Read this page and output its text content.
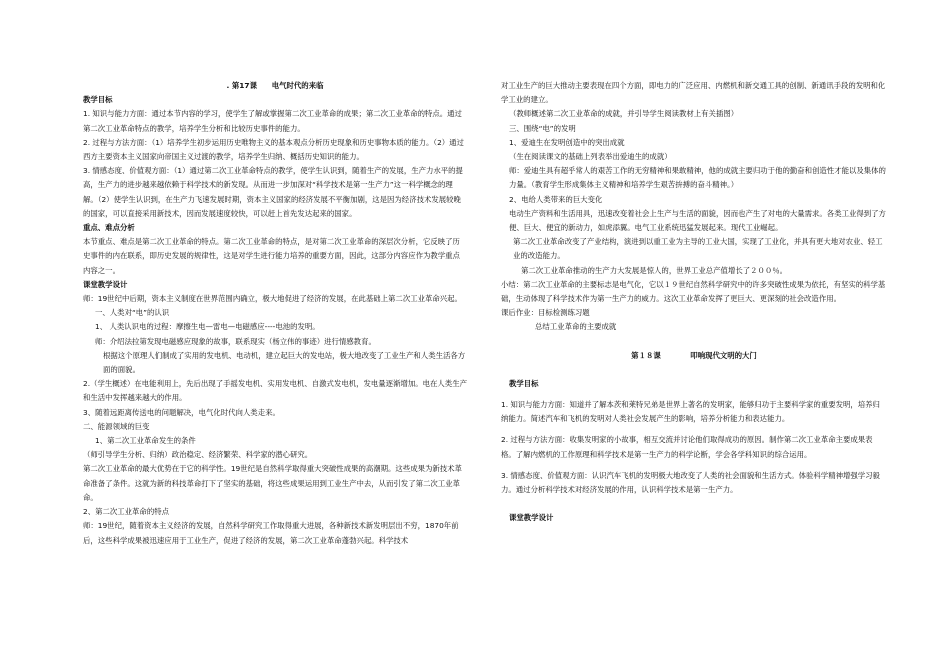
. 第17课　　电气时代的来临

教学目标

1. 知识与能力方面：通过本节内容的学习，使学生了解或掌握第二次工业革命的成果；第二次工业革命的特点。通过第二次工业革命特点的教学，培养学生分析和比较历史事件的能力。

2. 过程与方法方面：（1）培养学生初步运用历史唯物主义的基本观点分析历史现象和历史事物本质的能力。（2）通过西方主要资本主义国家向帝国主义过渡的教学，培养学生归纳、概括历史知识的能力。

3. 情感态度、价值观方面：（1）通过第二次工业革命特点的教学，使学生认识到，随着生产的发展，生产力水平的提高，生产力的进步越来越依赖于科学技术的新发现。从而进一步加深对“科学技术是第一生产力”这一科学概念的理解。（2）使学生认识到，在生产力飞速发展时期，资本主义国家的经济发展不平衡加剧，这是因为经济技术发展较晚的国家，可以直接采用新技术，因而发展速度较快，可以赶上首先发达起来的国家。

重点、难点分析

本节重点、难点是第二次工业革命的特点。第二次工业革命的特点，是对第二次工业革命的深层次分析，它反映了历史事件的内在联系，即历史发展的规律性，这是对学生进行能力培养的重要方面，因此，这部分内容应作为教学重点内容之一。

课堂教学设计

师：19世纪中后期，资本主义制度在世界范围内确立，极大地促进了经济的发展，在此基础上第二次工业革命兴起。

一、人类对“电”的认识

1、 人类认识电的过程：摩擦生电—雷电—电磁感应----电池的发明。

师：介绍法拉第发现电磁感应现象的故事，联系现实（杨立伟的事迹）进行情感教育。

根据这个原理人们制成了实用的发电机、电动机，建立起巨大的发电站，极大地改变了工业生产和人类生活各方面的面貌。

2.（学生概述）在电能利用上，先后出现了手摇发电机、实用发电机、自激式发电机，发电量逐渐增加。电在人类生产和生活中发挥越来越大的作用。

3、随着远距离传送电的问题解决，电气化时代向人类走来。

二、能源领域的巨变

1、第二次工业革命发生的条件

（师引导学生分析、归纳）政治稳定、经济繁荣、科学家的潜心研究。

第二次工业革命的最大优势在于它的科学性。19世纪是自然科学取得重大突破性成果的高潮期。这些成果为新技术革命准备了条件。这就为新的科技革命打下了坚实的基础，将这些成果运用到工业生产中去，从而引发了第二次工业革命。

2、第二次工业革命的特点

师：19世纪，随着资本主义经济的发展，自然科学研究工作取得重大进展，各种新技术新发明层出不穷，1870年前后，这些科学成果被迅速应用于工业生产，促进了经济的发展，第二次工业革命蓬勃兴起。科学技术

对工业生产的巨大推动主要表现在四个方面，即电力的广泛应用、内燃机和新交通工具的创制、新通讯手段的发明和化学工业的建立。

（教师概述第二次工业革命的成就，并引导学生阅读教材上有关插图）

三、围绕“电”的发明

1、爱迪生在发明创造中的突出成就

（生在阅读课文的基础上列表举出爱迪生的成就）

师：爱迪生具有超乎常人的艰苦工作的无穷精神和果敢精神，他的成就主要归功于他的勤奋和创造性才能以及集体的力量。（教育学生形成集体主义精神和培养学生艰苦拚搏的奋斗精神。）

2、电给人类带来的巨大变化

电动生产资料和生活用具，迅速改变着社会上生产与生活的面貌，因而也产生了对电的大量需求。各类工业得到了方便、巨大、便宜的新动力，如虎添翼。电气工业系统迅猛发展起来。现代工业崛起。

第二次工业革命改变了产业结构，演进到以重工业为主导的工业大国，实现了工业化，并具有更大地对农业、轻工业的改造能力。

第二次工业革命推动的生产力大发展是惊人的，世界工业总产值增长了２００％。

小结：第二次工业革命的主要标志是电气化，它以１９世纪自然科学研究中的许多突破性成果为依托，有坚实的科学基础，生动体现了科学技术作为第一生产力的威力。这次工业革命发挥了更巨大、更深刻的社会改造作用。

课后作业：目标检测练习题

总结工业革命的主要成就

第１８课　　　　叩响现代文明的大门

教学目标

1. 知识与能力方面：知道并了解本茨和莱特兄弟是世界上著名的发明家，能够归功于主要科学家的重要发明，培养归纳能力。简述汽车和飞机的发明对人类社会发展产生的影响，培养分析能力和表达能力。

2. 过程与方法方面：收集发明家的小故事，相互交流并讨论他们取得成功的原因。制作第二次工业革命主要成果表格。了解内燃机的工作原理和科学技术是第一生产力的科学论断，学会各学科知识的综合运用。

3. 情感态度、价值观方面：认识汽车飞机的发明极大地改变了人类的社会面貌和生活方式。体验科学精神增强学习毅力。通过分析科学技术对经济发展的作用，认识科学技术是第一生产力。

课堂教学设计
